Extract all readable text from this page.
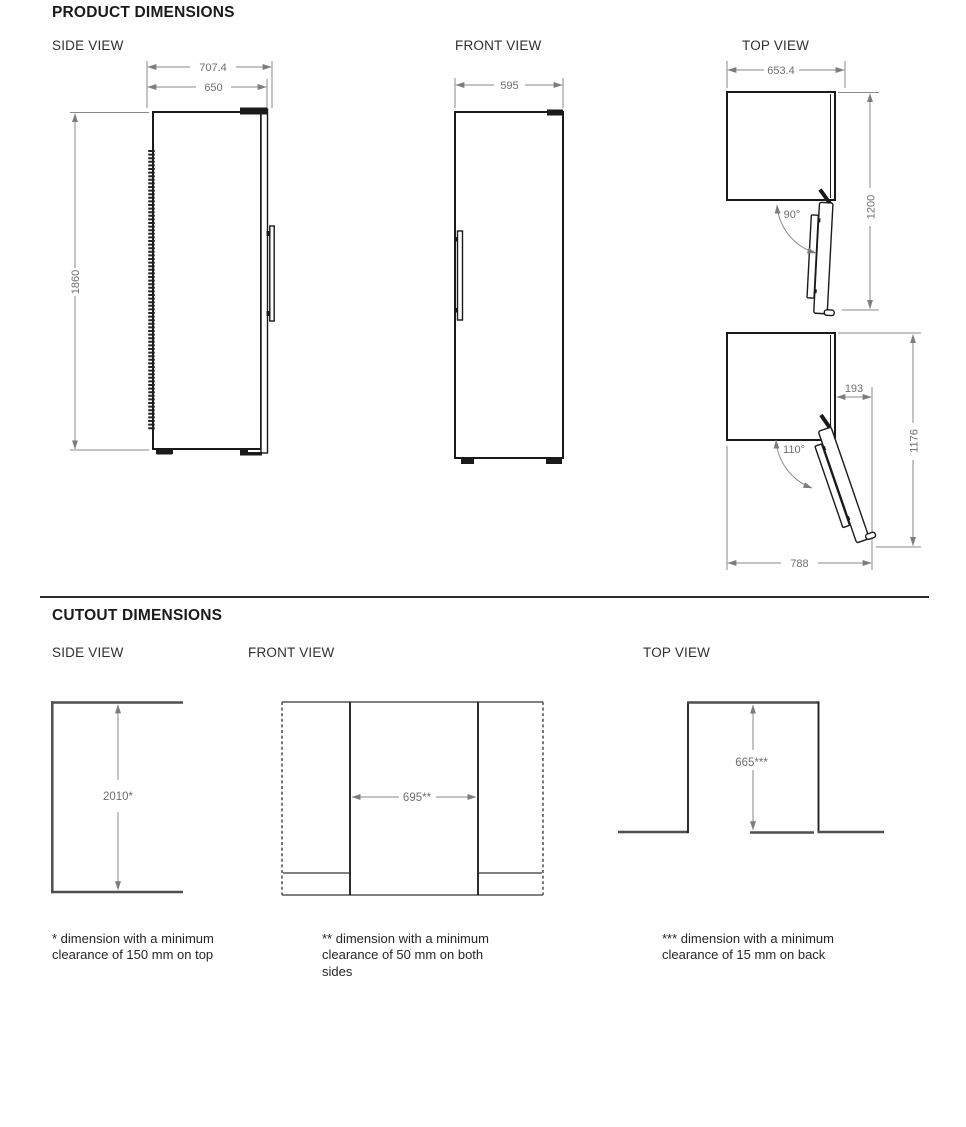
707.4
650
1860
595
653.4
1200
90°
193
110°	1176
788
2010*	695**
665***
PRODUCT DIMENSIONS
SIDE VIEW	FRONT VIEW	TOP VIEW
CUTOUT DIMENSIONS
SIDE VIEW	FRONT VIEW	TOP VIEW
* dimension with a minimum clearance of 150 mm on top
** dimension with a minimum clearance of 50 mm on both sides
*** dimension with a minimum clearance of 15 mm on back
